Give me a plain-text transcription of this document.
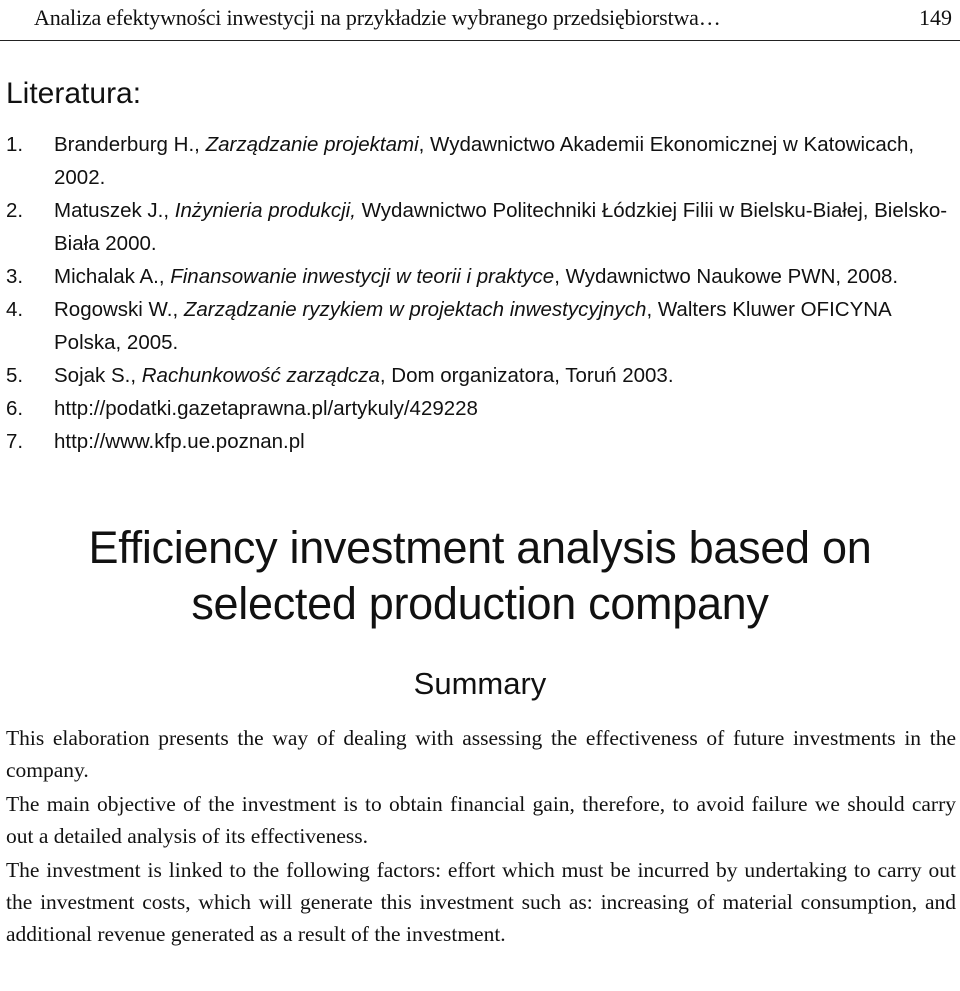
Analiza efektywności inwestycji na przykładzie wybranego przedsiębiorstwa…	149
Literatura:
1. Branderburg H., Zarządzanie projektami, Wydawnictwo Akademii Ekonomicznej w Katowicach, 2002.
2. Matuszek J., Inżynieria produkcji, Wydawnictwo Politechniki Łódzkiej Filii w Bielsku-Białej, Bielsko- Biała 2000.
3. Michalak A., Finansowanie inwestycji w teorii i praktyce, Wydawnictwo Naukowe PWN, 2008.
4. Rogowski W., Zarządzanie ryzykiem w projektach inwestycyjnych, Walters Kluwer OFICYNA Polska, 2005.
5. Sojak S., Rachunkowość zarządcza, Dom organizatora, Toruń 2003.
6. http://podatki.gazetaprawna.pl/artykuly/429228
7. http://www.kfp.ue.poznan.pl
Efficiency investment analysis based on selected production company
Summary

This elaboration presents the way of dealing with assessing the effectiveness of future investments in the company.

The main objective of the investment is to obtain financial gain, therefore, to avoid failure we should carry out a detailed analysis of its effectiveness.

The investment is linked to the following factors: effort which must be incurred by undertaking to carry out the investment costs, which will generate this investment such as: increasing of material consumption, and additional revenue generated as a result of the investment.
